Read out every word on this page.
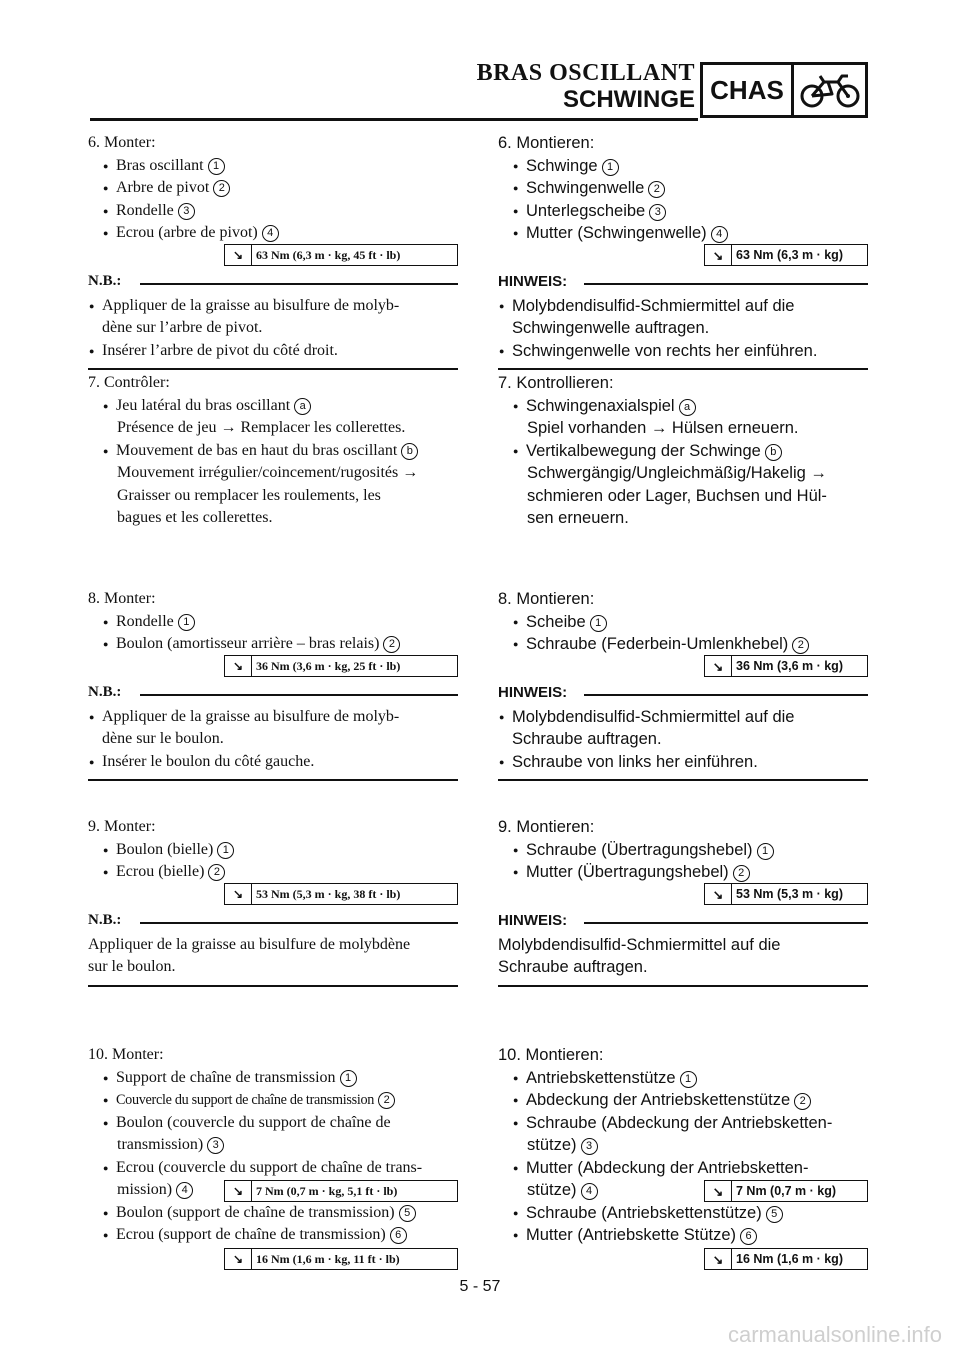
BRAS OSCILLANT
SCHWINGE CHAS
6. Monter:
● Bras oscillant 1
● Arbre de pivot 2
● Rondelle 3
● Ecrou (arbre de pivot) 4
↘	63 Nm (6,3 m · kg, 45 ft · lb)
N.B.:
● Appliquer de la graisse au bisulfure de molyb-
dène sur l’arbre de pivot.
● Insérer l’arbre de pivot du côté droit.
7. Contrôler:
● Jeu latéral du bras oscillant a
Présence de jeu → Remplacer les collerettes.
● Mouvement de bas en haut du bras oscillant b
Mouvement irrégulier/coincement/rugosités →
Graisser ou remplacer les roulements, les
bagues et les collerettes.
8. Monter:
● Rondelle 1
● Boulon (amortisseur arrière – bras relais) 2
↘	36 Nm (3,6 m · kg, 25 ft · lb)
N.B.:
● Appliquer de la graisse au bisulfure de molyb-
dène sur le boulon.
● Insérer le boulon du côté gauche.
9. Monter:
● Boulon (bielle) 1
● Ecrou (bielle) 2
↘	53 Nm (5,3 m · kg, 38 ft · lb)
N.B.:
Appliquer de la graisse au bisulfure de molybdène
sur le boulon.
10. Monter:
● Support de chaîne de transmission 1
● Couvercle du support de chaîne de transmission 2
● Boulon (couvercle du support de chaîne de
transmission) 3
● Ecrou (couvercle du support de chaîne de trans-
mission) 4	↘	7 Nm (0,7 m · kg, 5,1 ft · lb)
● Boulon (support de chaîne de transmission) 5
● Ecrou (support de chaîne de transmission) 6
↘	16 Nm (1,6 m · kg, 11 ft · lb)
6. Montieren:
● Schwinge 1
● Schwingenwelle 2
● Unterlegscheibe 3
● Mutter (Schwingenwelle) 4
↘	63 Nm (6,3 m · kg)
HINWEIS:
● Molybdendisulfid-Schmiermittel auf die
Schwingenwelle auftragen.
● Schwingenwelle von rechts her einführen.
7. Kontrollieren:
● Schwingenaxialspiel a
Spiel vorhanden → Hülsen erneuern.
● Vertikalbewegung der Schwinge b
Schwergängig/Ungleichmäßig/Hakelig →
schmieren oder Lager, Buchsen und Hül-
sen erneuern.
8. Montieren:
● Scheibe 1
● Schraube (Federbein-Umlenkhebel) 2
↘	36 Nm (3,6 m · kg)
HINWEIS:
● Molybdendisulfid-Schmiermittel auf die
Schraube auftragen.
● Schraube von links her einführen.
9. Montieren:
● Schraube (Übertragungshebel) 1
● Mutter (Übertragungshebel) 2
↘	53 Nm (5,3 m · kg)
HINWEIS:
Molybdendisulfid-Schmiermittel auf die
Schraube auftragen.
10. Montieren:
● Antriebskettenstütze 1
● Abdeckung der Antriebskettenstütze 2
● Schraube (Abdeckung der Antriebsketten-
stütze) 3
● Mutter (Abdeckung der Antriebsketten-
stütze) 4	↘	7 Nm (0,7 m · kg)
● Schraube (Antriebskettenstütze) 5
● Mutter (Antriebskette Stütze) 6
↘	16 Nm (1,6 m · kg)
5 - 57
carmanualsonline.info
